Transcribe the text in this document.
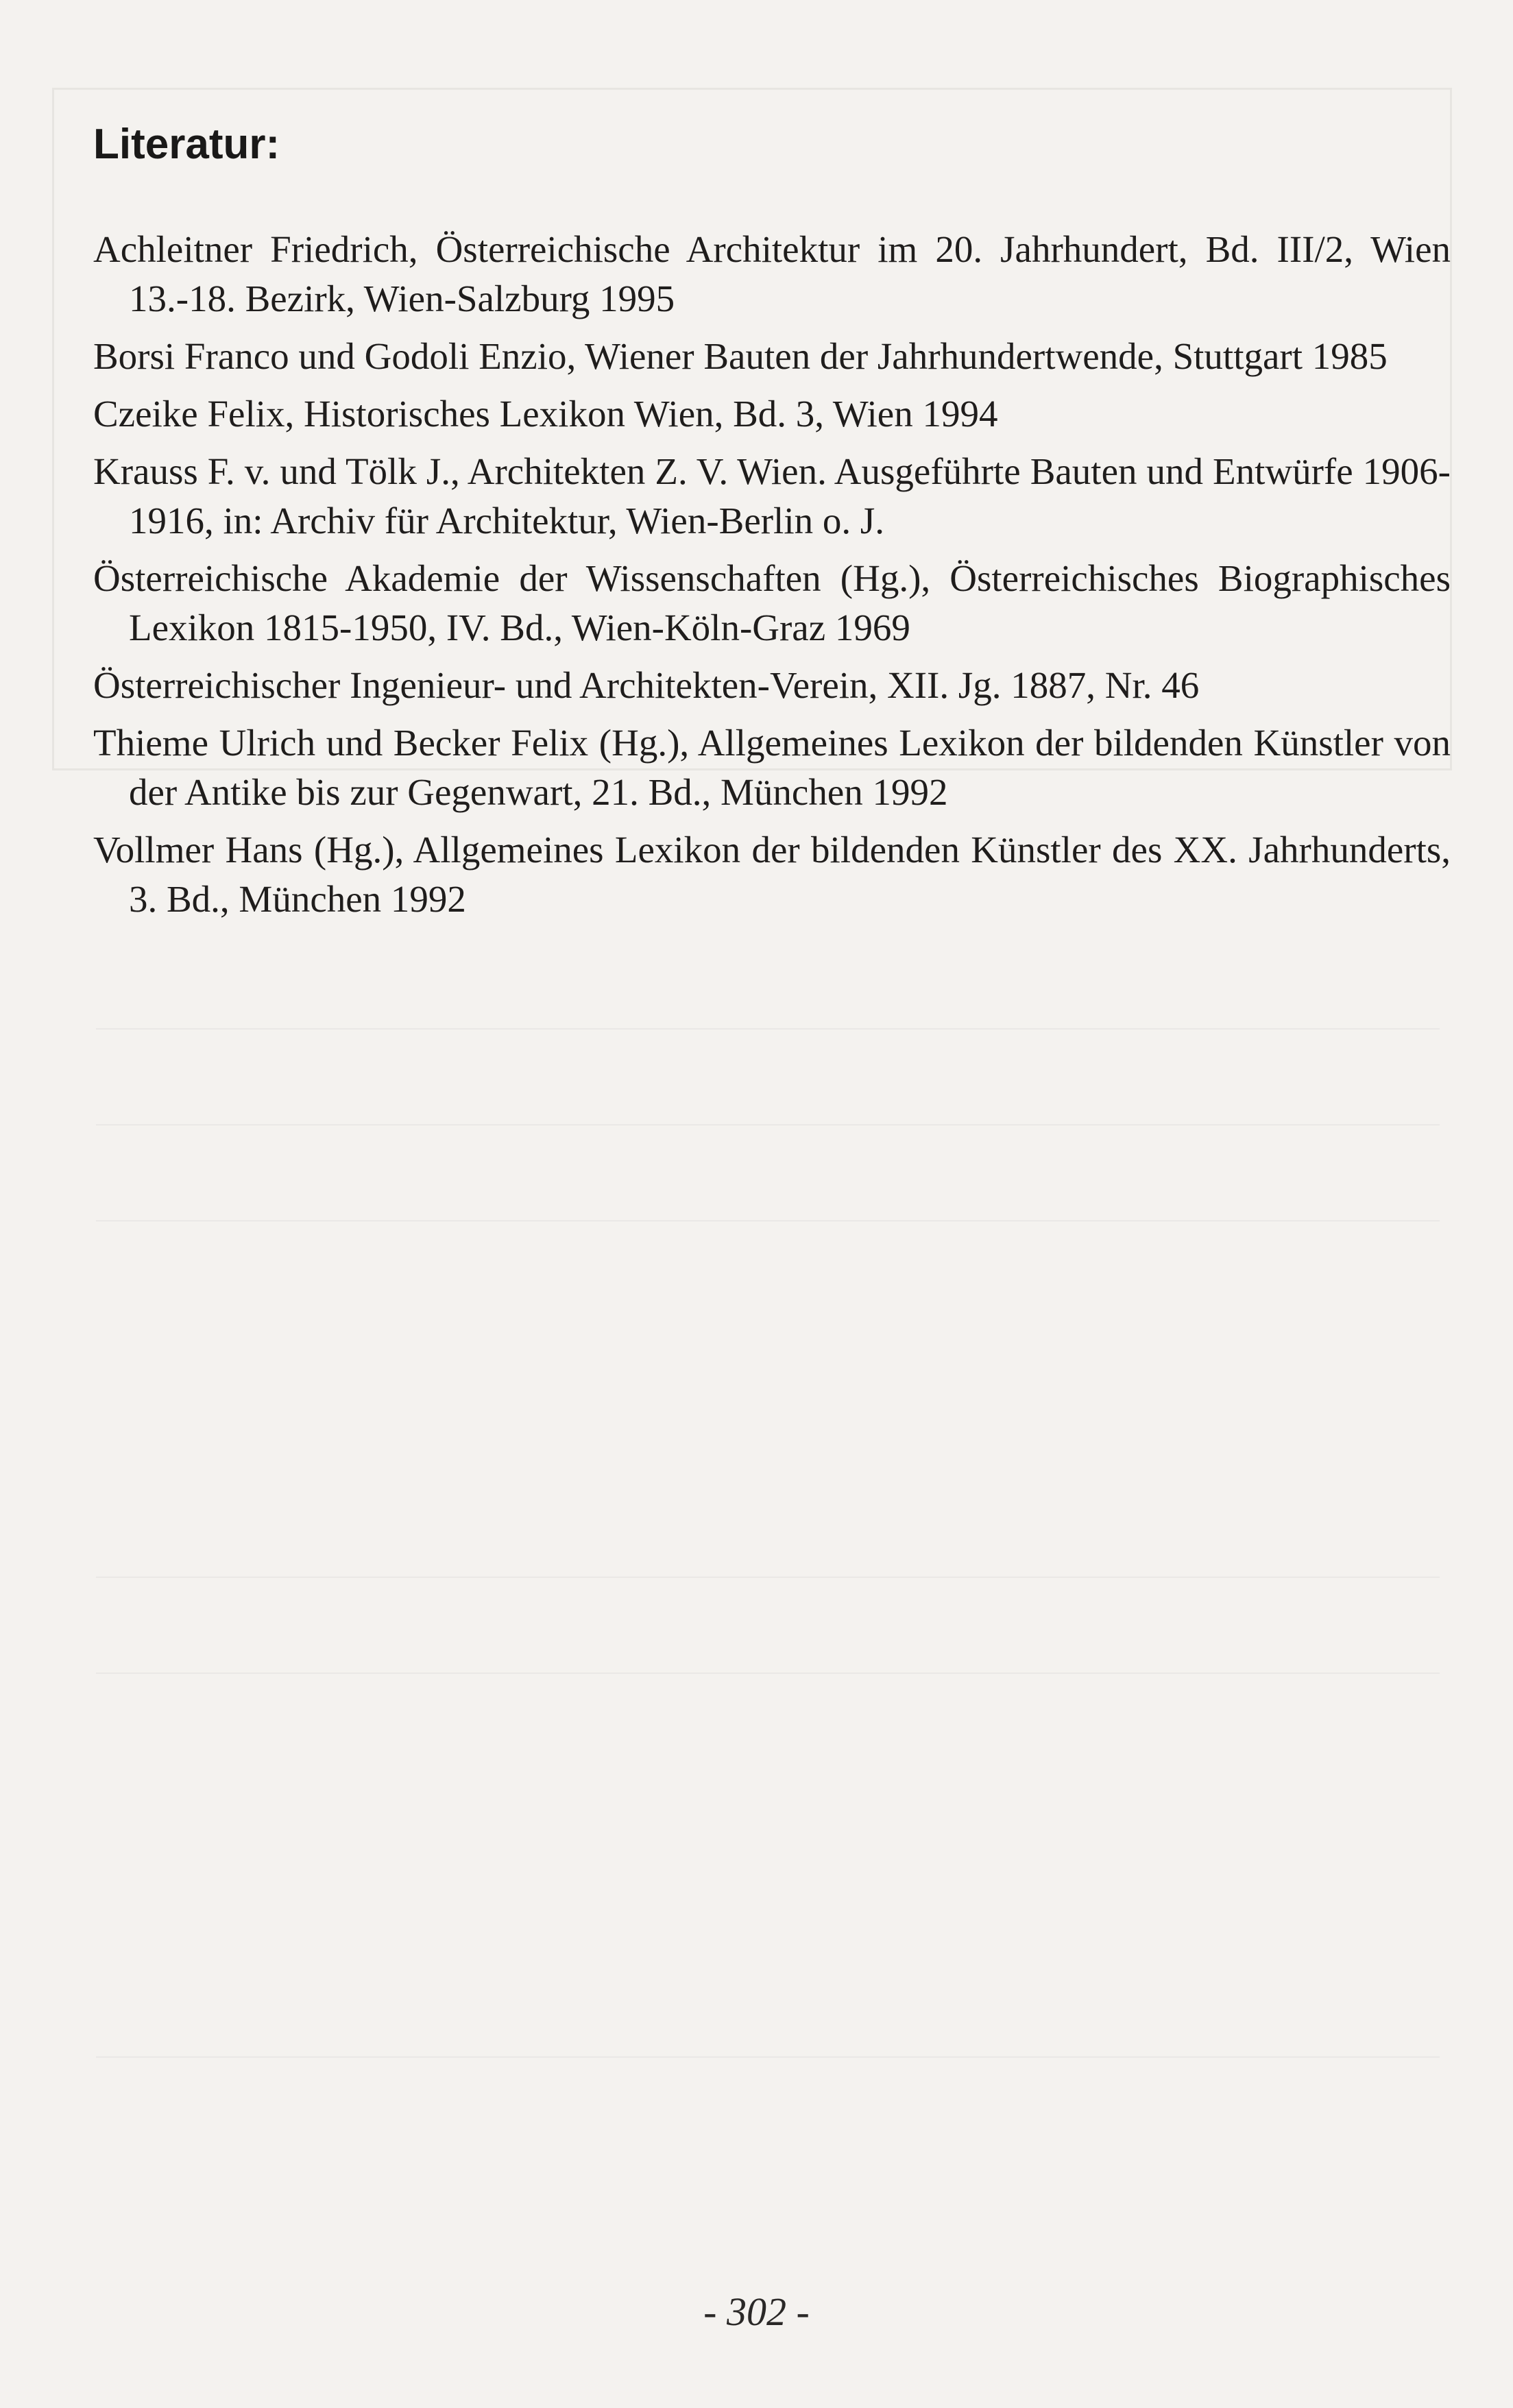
Literatur:
Achleitner Friedrich, Österreichische Architektur im 20. Jahrhundert, Bd. III/2, Wien 13.-18. Bezirk, Wien-Salzburg 1995
Borsi Franco und Godoli Enzio, Wiener Bauten der Jahrhundertwende, Stuttgart 1985
Czeike Felix, Historisches Lexikon Wien, Bd. 3, Wien 1994
Krauss F. v. und Tölk J., Architekten Z. V. Wien. Ausgeführte Bauten und Entwürfe 1906-1916, in: Archiv für Architektur, Wien-Berlin o. J.
Österreichische Akademie der Wissenschaften (Hg.), Österreichisches Biographisches Lexikon 1815-1950, IV. Bd., Wien-Köln-Graz 1969
Österreichischer Ingenieur- und Architekten-Verein, XII. Jg. 1887, Nr. 46
Thieme Ulrich und Becker Felix (Hg.), Allgemeines Lexikon der bildenden Künstler von der Antike bis zur Gegenwart, 21. Bd., München 1992
Vollmer Hans (Hg.), Allgemeines Lexikon der bildenden Künstler des XX. Jahrhunderts, 3. Bd., München 1992
- 302 -
